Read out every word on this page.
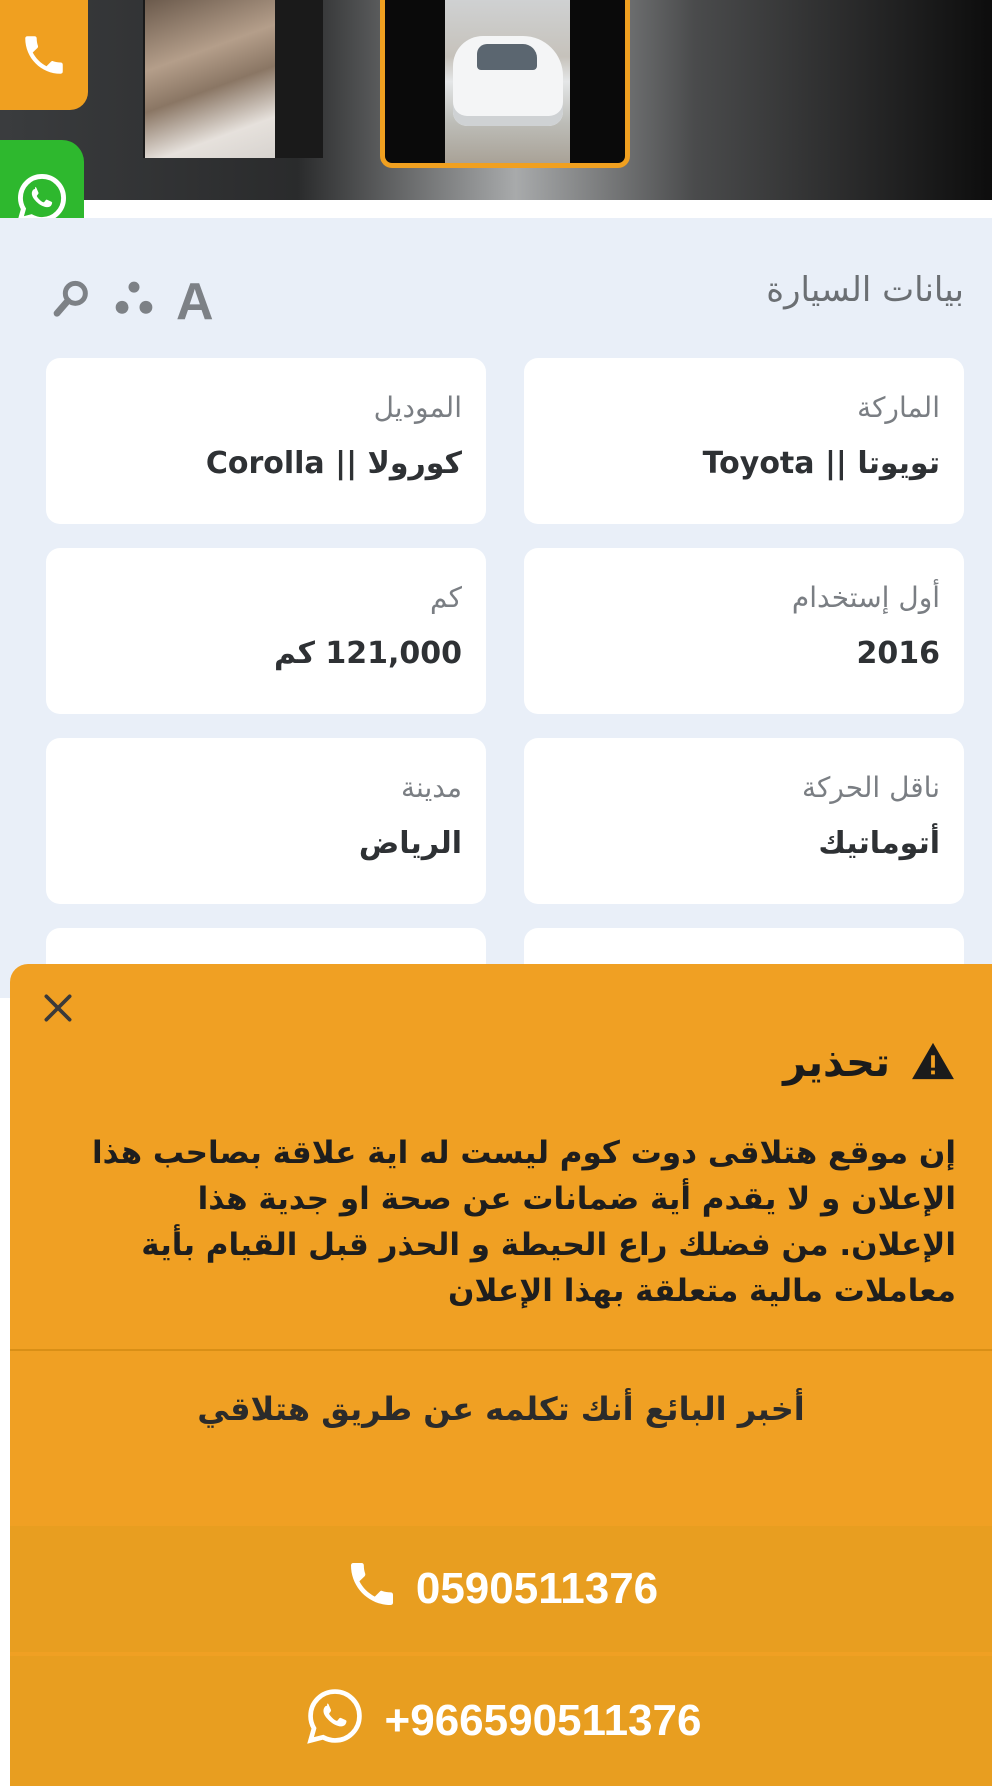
بيانات السيارة
A
الماركة
تويوتا || Toyota
الموديل
كورولا || Corolla
أول إستخدام
2016
كم
121,000 كم
ناقل الحركة
أتوماتيك
مدينة
الرياض
تحذير
إن موقع هتلاقى دوت كوم ليست له اية علاقة بصاحب هذا الإعلان و لا يقدم أية ضمانات عن صحة او جدية هذا الإعلان. من فضلك راع الحيطة و الحذر قبل القيام بأية معاملات مالية متعلقة بهذا الإعلان
أخبر البائع أنك تكلمه عن طريق هتلاقي
0590511376
+966590511376
